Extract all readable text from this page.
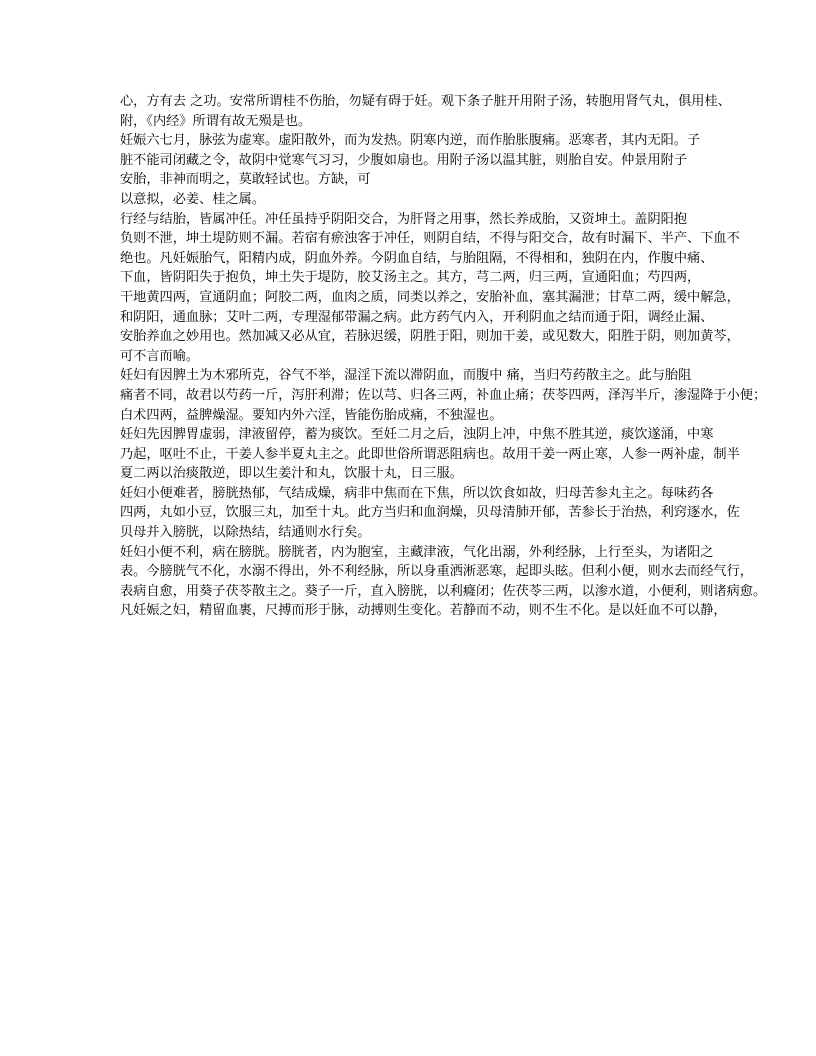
心，方有去 之功。安常所谓桂不伤胎，勿疑有碍于妊。观下条子脏开用附子汤，转胞用肾气丸，俱用桂、
附，《内经》所谓有故无殒是也。
妊娠六七月，脉弦为虚寒。虚阳散外，而为发热。阴寒内逆，而作胎胀腹痛。恶寒者，其内无阳。子
脏不能司闭藏之令，故阴中觉寒气习习，少腹如扇也。用附子汤以温其脏，则胎自安。仲景用附子
安胎，非神而明之，莫敢轻试也。方缺，可
以意拟，必姜、桂之属。
行经与结胎，皆属冲任。冲任虽持乎阴阳交合，为肝肾之用事，然长养成胎，又资坤土。盖阴阳抱
负则不泄，坤土堤防则不漏。若宿有瘀浊客于冲任，则阴自结，不得与阳交合，故有时漏下、半产、下血不
绝也。凡妊娠胎气，阳精内成，阴血外养。今阴血自结，与胎阻隔，不得相和，独阴在内，作腹中痛、
下血，皆阴阳失于抱负，坤土失于堤防，胶艾汤主之。其方，芎二两，归三两，宣通阳血；芍四两，
干地黄四两，宣通阴血；阿胶二两，血肉之质，同类以养之，安胎补血，塞其漏泄；甘草二两，缓中解急，
和阴阳，通血脉；艾叶二两，专理湿郁带漏之病。此方药气内入，开利阴血之结而通于阳，调经止漏、
安胎养血之妙用也。然加减又必从宜，若脉迟缓，阴胜于阳，则加干姜，或见数大，阳胜于阴，则加黄芩，
可不言而喻。
妊妇有因脾土为木邪所克，谷气不举，湿淫下流以滞阴血，而腹中 痛，当归芍药散主之。此与胎阻
痛者不同，故君以芍药一斤，泻肝利滞；佐以芎、归各三两，补血止痛；茯苓四两，泽泻半斤，渗湿降于小便；
白术四两，益脾燥湿。要知内外六淫，皆能伤胎成痛，不独湿也。
妊妇先因脾胃虚弱，津液留停，蓄为痰饮。至妊二月之后，浊阴上冲，中焦不胜其逆，痰饮遂涌，中寒
乃起，呕吐不止，干姜人参半夏丸主之。此即世俗所谓恶阻病也。故用干姜一两止寒，人参一两补虚，制半
夏二两以治痰散逆，即以生姜汁和丸，饮服十丸，日三服。
妊妇小便难者，膀胱热郁，气结成燥，病非中焦而在下焦，所以饮食如故，归母苦参丸主之。每味药各
四两，丸如小豆，饮服三丸，加至十丸。此方当归和血润燥，贝母清肺开郁，苦参长于治热，利窍逐水，佐
贝母并入膀胱，以除热结，结通则水行矣。
妊妇小便不利，病在膀胱。膀胱者，内为胞室，主藏津液，气化出溺，外利经脉，上行至头，为诸阳之
表。今膀胱气不化，水溺不得出，外不利经脉，所以身重洒淅恶寒，起即头眩。但利小便，则水去而经气行，
表病自愈，用葵子茯苓散主之。葵子一斤，直入膀胱，以利癃闭；佐茯苓三两，以渗水道，小便利，则诸病愈。
凡妊娠之妇，精留血裹，尺搏而形于脉，动搏则生变化。若静而不动，则不生不化。是以妊血不可以静，
